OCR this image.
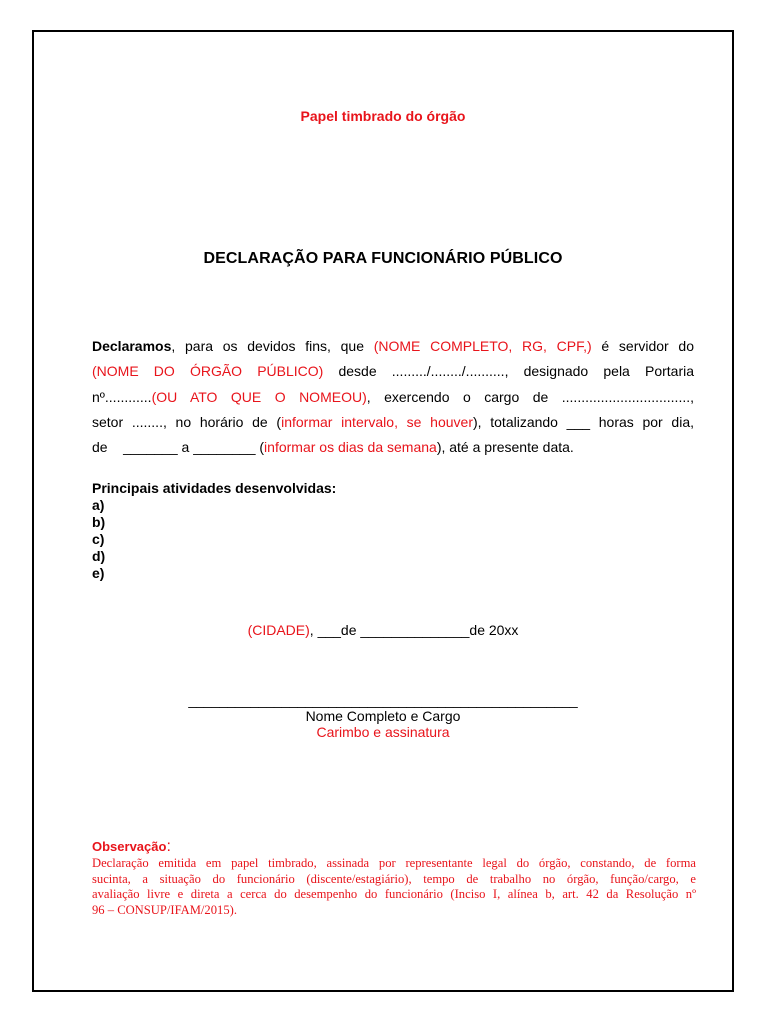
Papel timbrado do órgão
DECLARAÇÃO PARA FUNCIONÁRIO PÚBLICO
Declaramos, para os devidos fins, que (NOME COMPLETO, RG, CPF,) é servidor do
(NOME DO ÓRGÃO PÚBLICO) desde ........./......../.........., designado pela Portaria
nº............(OU ATO QUE O NOMEOU), exercendo o cargo de .................................,
setor ........, no horário de (informar intervalo, se houver), totalizando ___ horas por dia,
de    _______ a ________ (informar os dias da semana), até a presente data.
Principais atividades desenvolvidas:
a)
b)
c)
d)
e)
(CIDADE), ___de ______________de 20xx
__________________________________________________
Nome Completo e Cargo
Carimbo e assinatura
Observação:
Declaração emitida em papel timbrado, assinada por representante legal do órgão, constando, de forma
sucinta, a situação do funcionário (discente/estagiário), tempo de trabalho no órgão, função/cargo, e
avaliação livre e direta a cerca do desempenho do funcionário (Inciso I, alínea b, art. 42 da Resolução nº
96 – CONSUP/IFAM/2015).
